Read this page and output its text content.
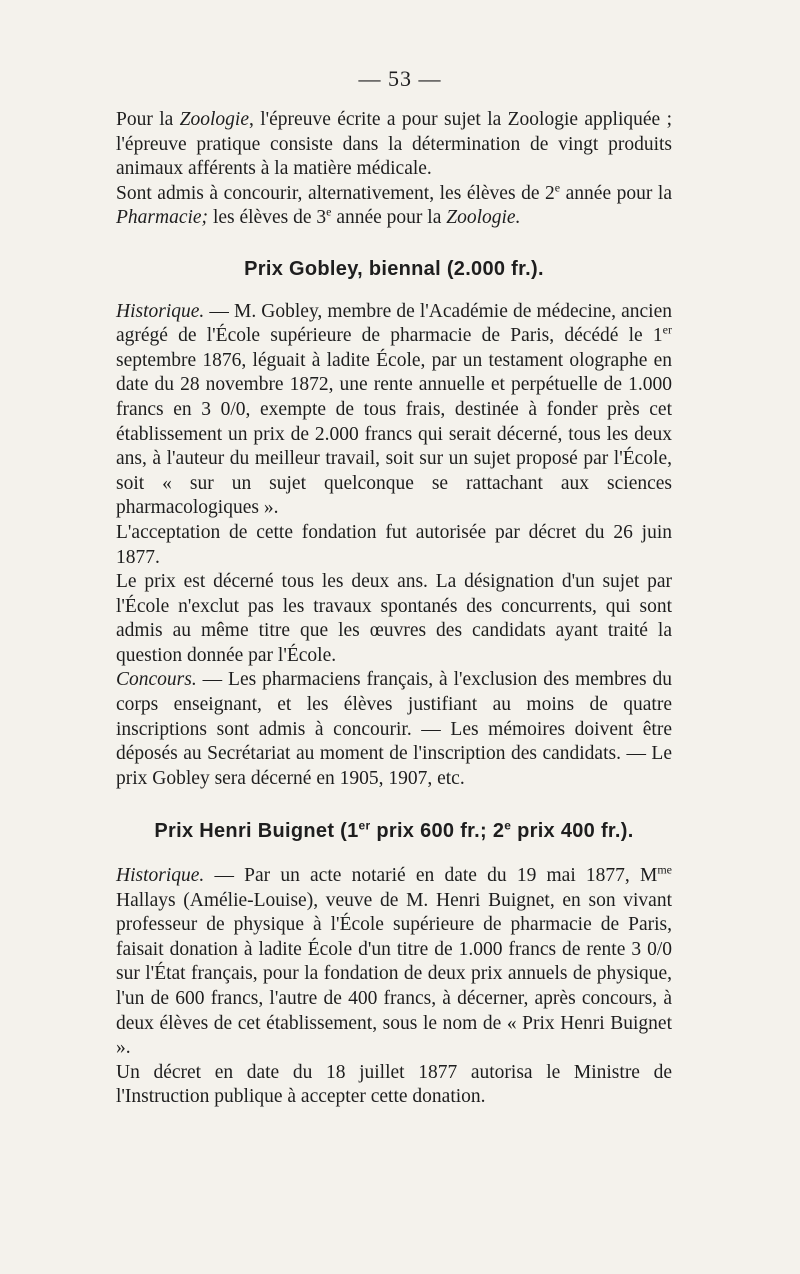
— 53 —

Pour la Zoologie, l'épreuve écrite a pour sujet la Zoologie appliquée ; l'épreuve pratique consiste dans la détermination de vingt produits animaux afférents à la matière médicale.

Sont admis à concourir, alternativement, les élèves de 2e année pour la Pharmacie; les élèves de 3e année pour la Zoologie.

Prix Gobley, biennal (2.000 fr.).

Historique. — M. Gobley, membre de l'Académie de médecine, ancien agrégé de l'École supérieure de pharmacie de Paris, décédé le 1er septembre 1876, léguait à ladite École, par un testament olographe en date du 28 novembre 1872, une rente annuelle et perpétuelle de 1.000 francs en 3 0/0, exempte de tous frais, destinée à fonder près cet établissement un prix de 2.000 francs qui serait décerné, tous les deux ans, à l'auteur du meilleur travail, soit sur un sujet proposé par l'École, soit « sur un sujet quelconque se rattachant aux sciences pharmacologiques ».

L'acceptation de cette fondation fut autorisée par décret du 26 juin 1877.

Le prix est décerné tous les deux ans. La désignation d'un sujet par l'École n'exclut pas les travaux spontanés des concurrents, qui sont admis au même titre que les œuvres des candidats ayant traité la question donnée par l'École.

Concours. — Les pharmaciens français, à l'exclusion des membres du corps enseignant, et les élèves justifiant au moins de quatre inscriptions sont admis à concourir. — Les mémoires doivent être déposés au Secrétariat au moment de l'inscription des candidats. — Le prix Gobley sera décerné en 1905, 1907, etc.

Prix Henri Buignet (1er prix 600 fr.; 2e prix 400 fr.).

Historique. — Par un acte notarié en date du 19 mai 1877, $M^{me}$ Hallays (Amélie-Louise), veuve de M. Henri Buignet, en son vivant professeur de physique à l'École supérieure de pharmacie de Paris, faisait donation à ladite École d'un titre de 1.000 francs de rente 3 0/0 sur l'État français, pour la fondation de deux prix annuels de physique, l'un de 600 francs, l'autre de 400 francs, à décerner, après concours, à deux élèves de cet établissement, sous le nom de « Prix Henri Buignet ».

Un décret en date du 18 juillet 1877 autorisa le Ministre de l'Instruction publique à accepter cette donation.
